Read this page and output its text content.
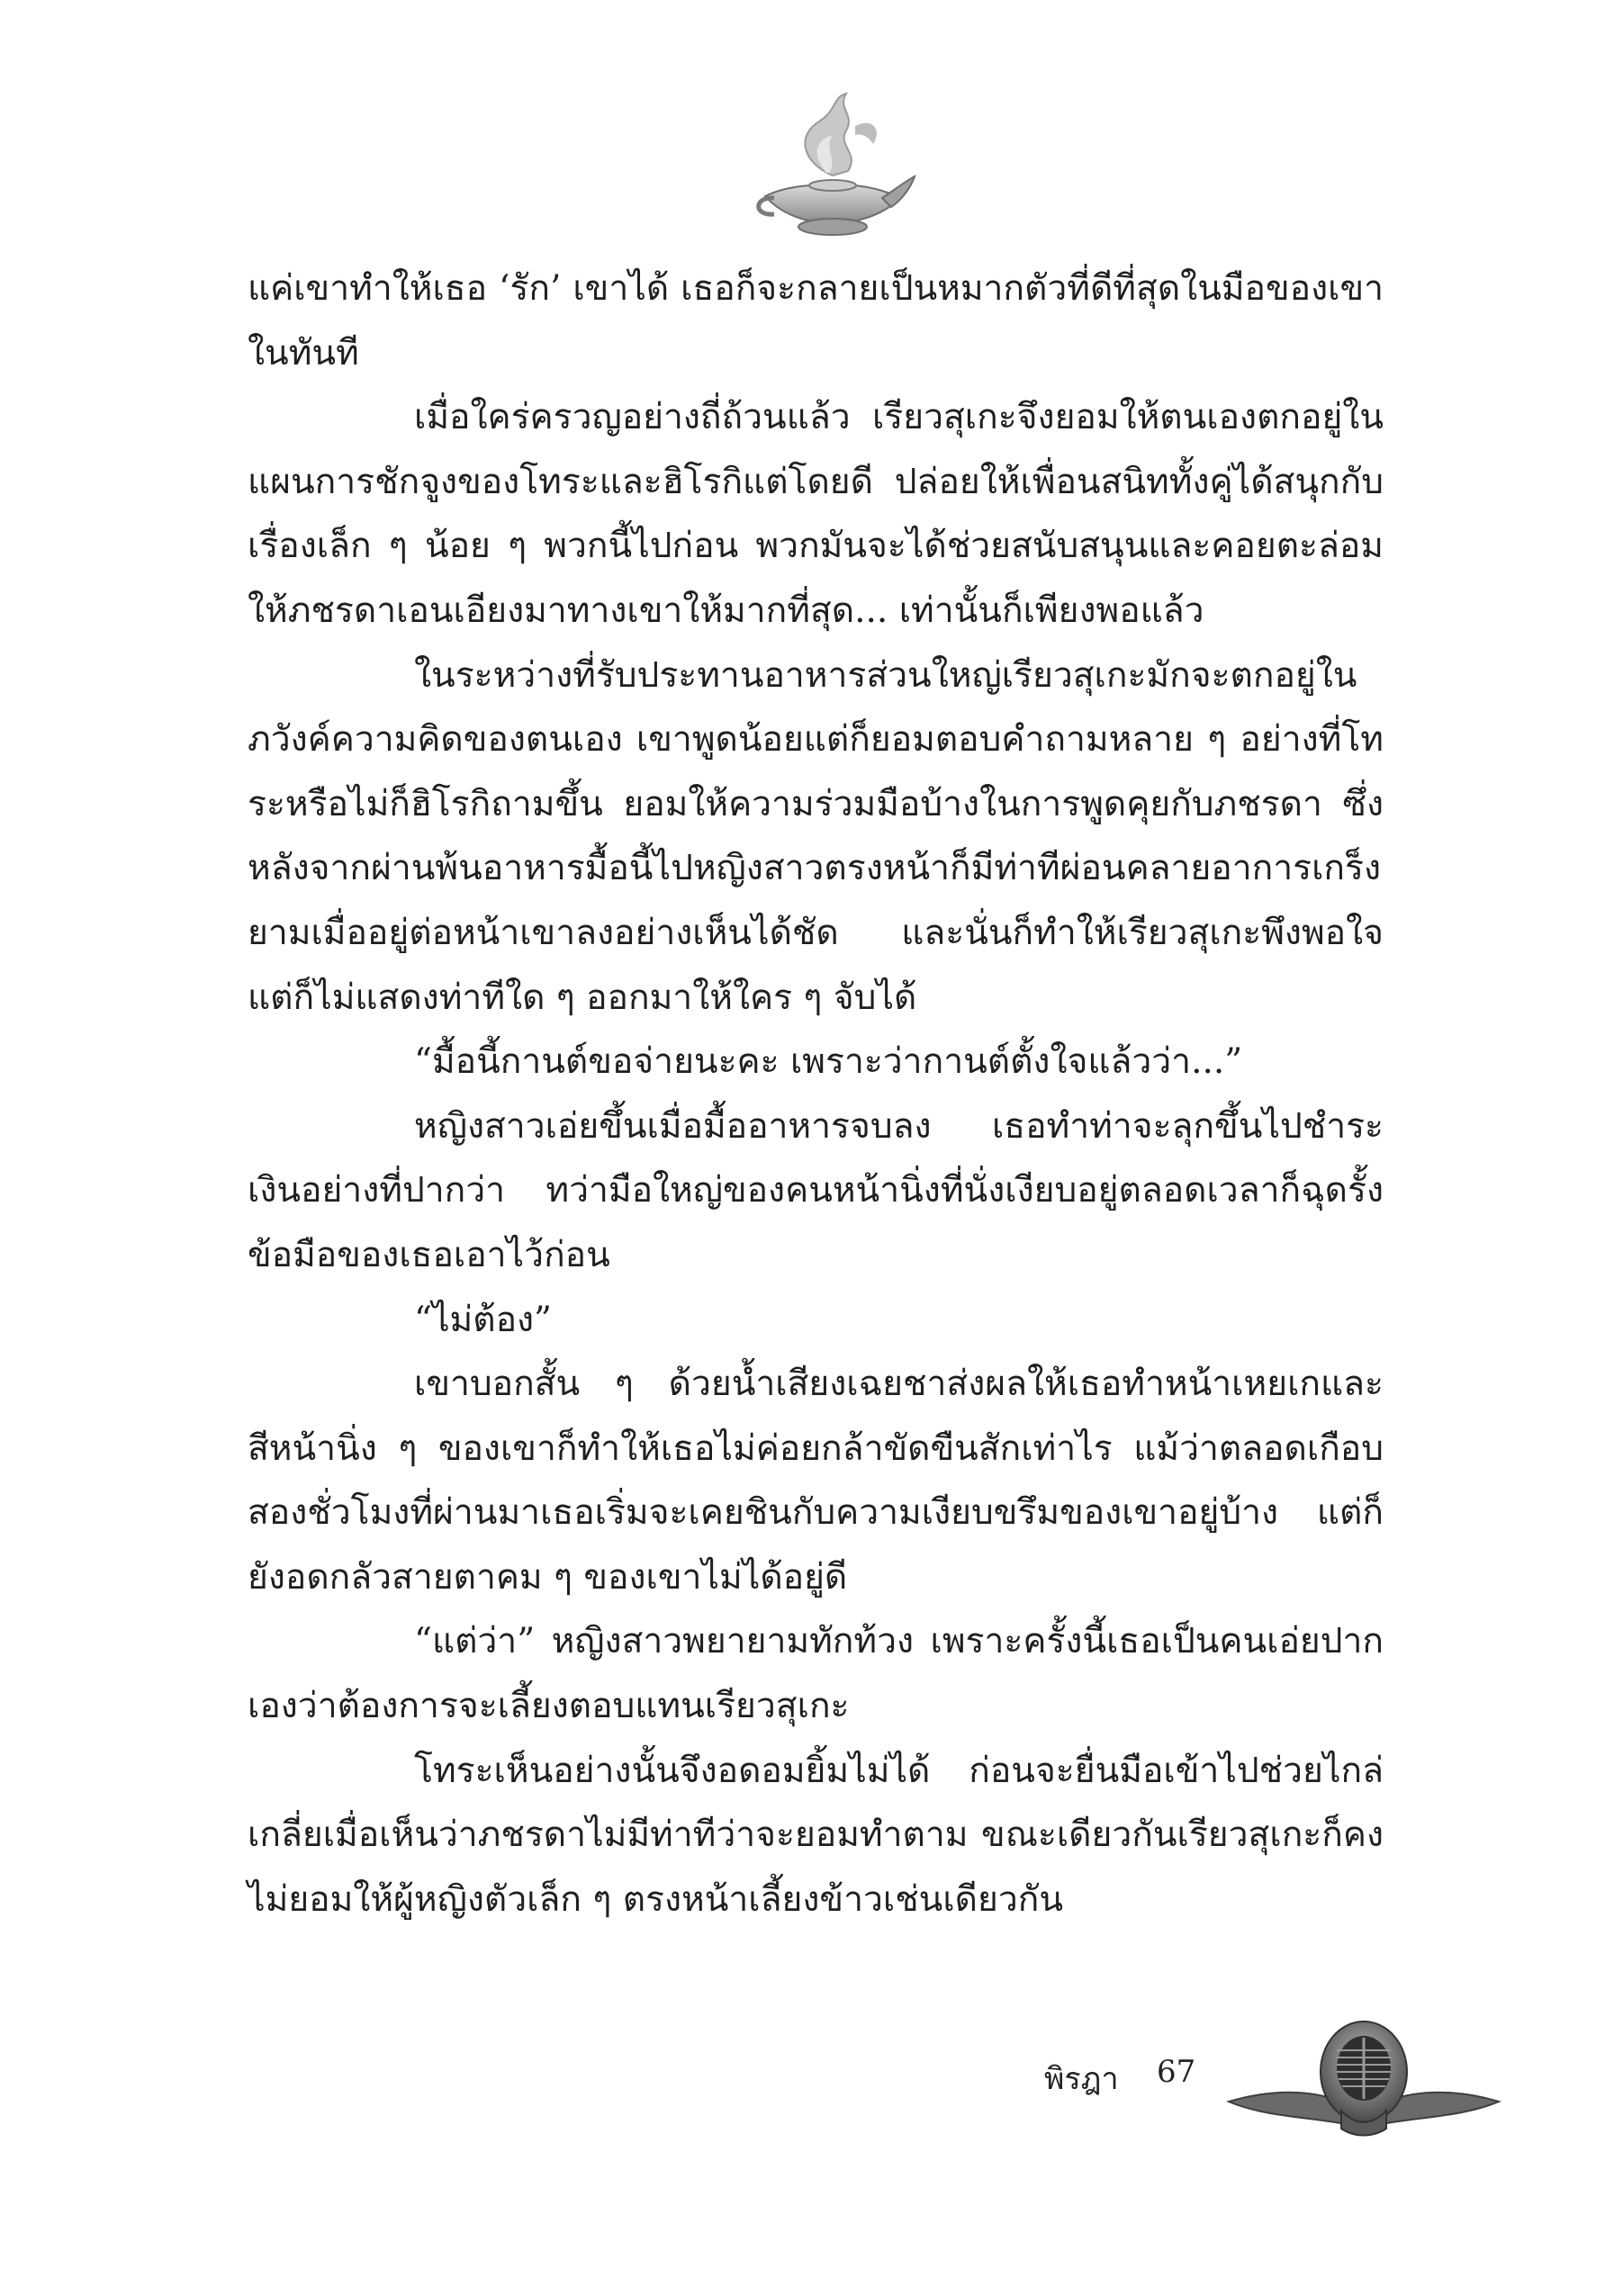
แค่เขาทำให้เธอ ‘รัก’ เขาได้ เธอก็จะกลายเป็นหมากตัวที่ดีที่สุดในมือของเขาในทันที

เมื่อใคร่ครวญอย่างถี่ถ้วนแล้ว เรียวสุเกะจึงยอมให้ตนเองตกอยู่ในแผนการชักจูงของโทระและฮิโรกิแต่โดยดี ปล่อยให้เพื่อนสนิททั้งคู่ได้สนุกกับเรื่องเล็ก ๆ น้อย ๆ พวกนี้ไปก่อน พวกมันจะได้ช่วยสนับสนุนและคอยตะล่อมให้ภชรดาเอนเอียงมาทางเขาให้มากที่สุด... เท่านั้นก็เพียงพอแล้ว

ในระหว่างที่รับประทานอาหารส่วนใหญ่เรียวสุเกะมักจะตกอยู่ในภวังค์ความคิดของตนเอง เขาพูดน้อยแต่ก็ยอมตอบคำถามหลาย ๆ อย่างที่โทระหรือไม่ก็ฮิโรกิถามขึ้น ยอมให้ความร่วมมือบ้างในการพูดคุยกับภชรดา ซึ่งหลังจากผ่านพ้นอาหารมื้อนี้ไปหญิงสาวตรงหน้าก็มีท่าทีผ่อนคลายอาการเกร็งยามเมื่ออยู่ต่อหน้าเขาลงอย่างเห็นได้ชัด และนั่นก็ทำให้เรียวสุเกะพึงพอใจ แต่ก็ไม่แสดงท่าทีใด ๆ ออกมาให้ใคร ๆ จับได้

“มื้อนี้กานต์ขอจ่ายนะคะ เพราะว่ากานต์ตั้งใจแล้วว่า...”

หญิงสาวเอ่ยขึ้นเมื่อมื้ออาหารจบลง เธอทำท่าจะลุกขึ้นไปชำระเงินอย่างที่ปากว่า ทว่ามือใหญ่ของคนหน้านิ่งที่นั่งเงียบอยู่ตลอดเวลาก็ฉุดรั้งข้อมือของเธอเอาไว้ก่อน

“ไม่ต้อง”

เขาบอกสั้น ๆ ด้วยน้ำเสียงเฉยชาส่งผลให้เธอทำหน้าเหยเกและสีหน้านิ่ง ๆ ของเขาก็ทำให้เธอไม่ค่อยกล้าขัดขืนสักเท่าไร แม้ว่าตลอดเกือบสองชั่วโมงที่ผ่านมาเธอเริ่มจะเคยชินกับความเงียบขรึมของเขาอยู่บ้าง แต่ก็ยังอดกลัวสายตาคม ๆ ของเขาไม่ได้อยู่ดี

“แต่ว่า” หญิงสาวพยายามทักท้วง เพราะครั้งนี้เธอเป็นคนเอ่ยปากเองว่าต้องการจะเลี้ยงตอบแทนเรียวสุเกะ

โทระเห็นอย่างนั้นจึงอดอมยิ้มไม่ได้ ก่อนจะยื่นมือเข้าไปช่วยไกล่เกลี่ยเมื่อเห็นว่าภชรดาไม่มีท่าทีว่าจะยอมทำตาม ขณะเดียวกันเรียวสุเกะก็คงไม่ยอมให้ผู้หญิงตัวเล็ก ๆ ตรงหน้าเลี้ยงข้าวเช่นเดียวกัน

พิรฎา 67
